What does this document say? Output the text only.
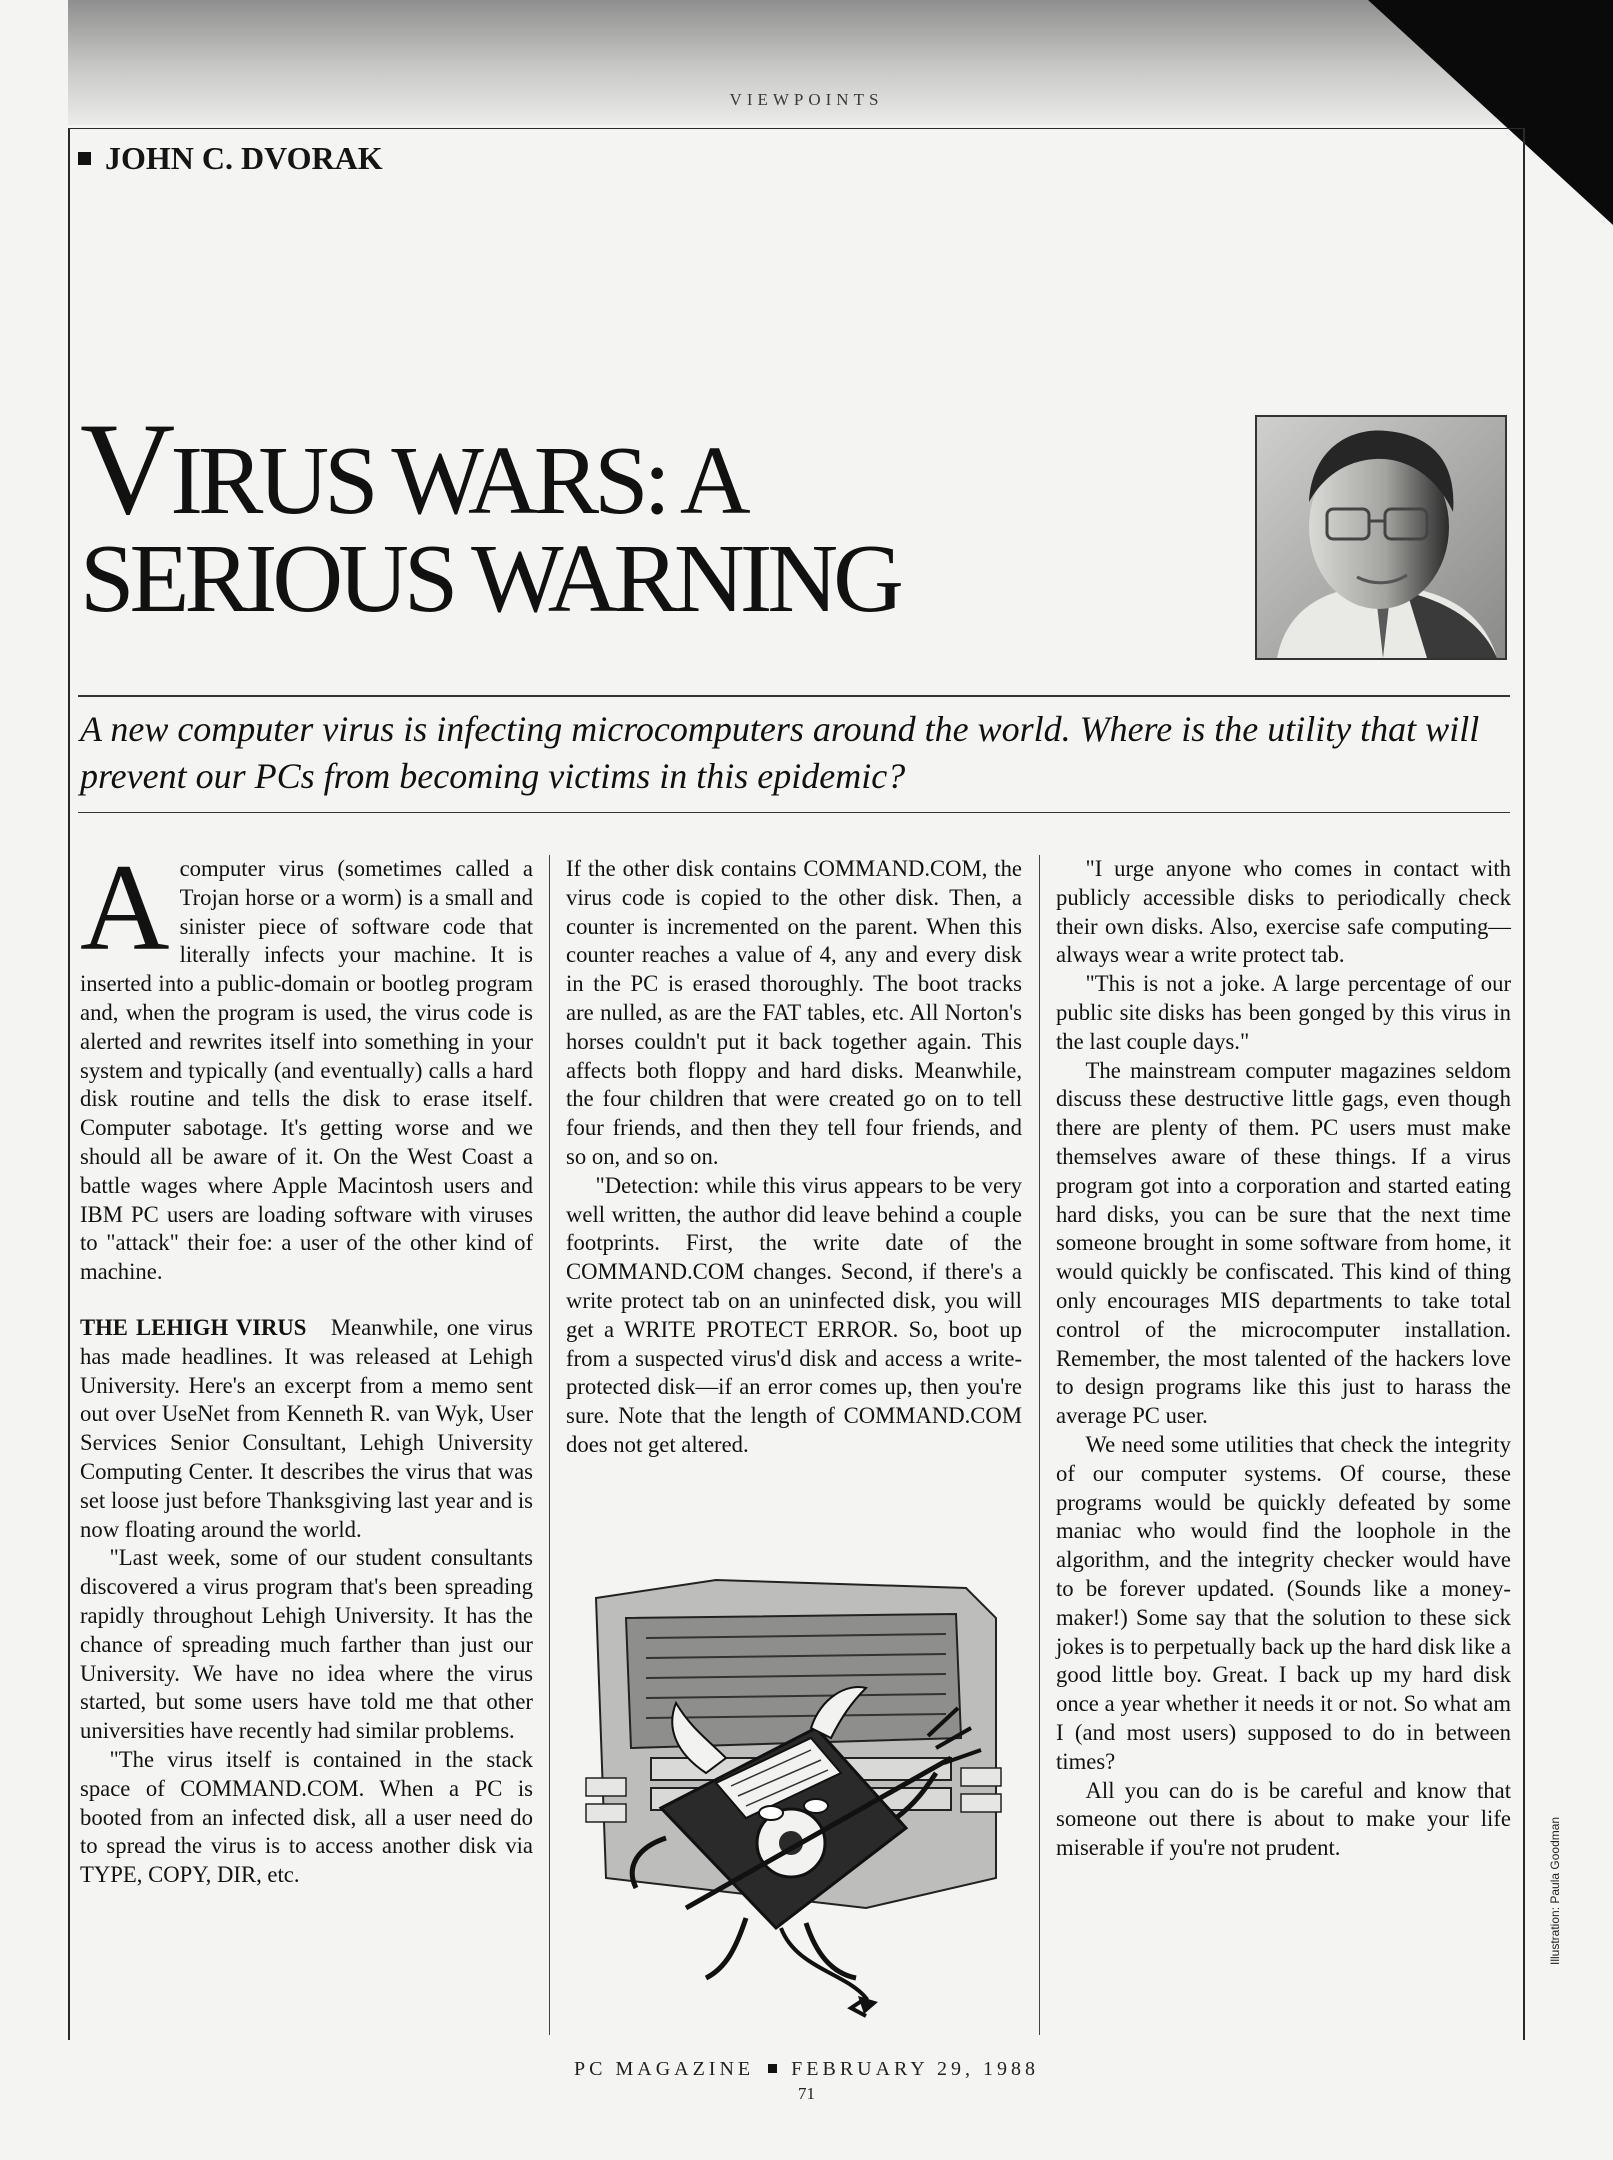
VIEWPOINTS
JOHN C. DVORAK
VIRUS WARS: A
SERIOUS WARNING

A new computer virus is infecting microcomputers around the world. Where is the utility that will prevent our PCs from becoming victims in this epidemic?

Acomputer virus (sometimes called a Trojan horse or a worm) is a small and sinister piece of software code that literally infects your machine. It is inserted into a public-domain or bootleg program and, when the program is used, the virus code is alerted and rewrites itself into something in your system and typically (and eventually) calls a hard disk routine and tells the disk to erase itself. Computer sabotage. It's getting worse and we should all be aware of it. On the West Coast a battle wages where Apple Macintosh users and IBM PC users are loading software with viruses to "attack" their foe: a user of the other kind of machine.

THE LEHIGH VIRUS Meanwhile, one virus has made headlines. It was released at Lehigh University. Here's an excerpt from a memo sent out over UseNet from Kenneth R. van Wyk, User Services Senior Consultant, Lehigh University Computing Center. It describes the virus that was set loose just before Thanksgiving last year and is now floating around the world.

"Last week, some of our student consultants discovered a virus program that's been spreading rapidly throughout Lehigh University. It has the chance of spreading much farther than just our University. We have no idea where the virus started, but some users have told me that other universities have recently had similar problems.

"The virus itself is contained in the stack space of COMMAND.COM. When a PC is booted from an infected disk, all a user need do to spread the virus is to access another disk via TYPE, COPY, DIR, etc.

If the other disk contains COMMAND.COM, the virus code is copied to the other disk. Then, a counter is incremented on the parent. When this counter reaches a value of 4, any and every disk in the PC is erased thoroughly. The boot tracks are nulled, as are the FAT tables, etc. All Norton's horses couldn't put it back together again. This affects both floppy and hard disks. Meanwhile, the four children that were created go on to tell four friends, and then they tell four friends, and so on, and so on.

"Detection: while this virus appears to be very well written, the author did leave behind a couple footprints. First, the write date of the COMMAND.COM changes. Second, if there's a write protect tab on an uninfected disk, you will get a WRITE PROTECT ERROR. So, boot up from a suspected virus'd disk and access a write-protected disk—if an error comes up, then you're sure. Note that the length of COMMAND.COM does not get altered.

"I urge anyone who comes in contact with publicly accessible disks to periodically check their own disks. Also, exercise safe computing—always wear a write protect tab.

"This is not a joke. A large percentage of our public site disks has been gonged by this virus in the last couple days."

The mainstream computer magazines seldom discuss these destructive little gags, even though there are plenty of them. PC users must make themselves aware of these things. If a virus program got into a corporation and started eating hard disks, you can be sure that the next time someone brought in some software from home, it would quickly be confiscated. This kind of thing only encourages MIS departments to take total control of the microcomputer installation. Remember, the most talented of the hackers love to design programs like this just to harass the average PC user.

We need some utilities that check the integrity of our computer systems. Of course, these programs would be quickly defeated by some maniac who would find the loophole in the algorithm, and the integrity checker would have to be forever updated. (Sounds like a money-maker!) Some say that the solution to these sick jokes is to perpetually back up the hard disk like a good little boy. Great. I back up my hard disk once a year whether it needs it or not. So what am I (and most users) supposed to do in between times?

All you can do is be careful and know that someone out there is about to make your life miserable if you're not prudent.	Illustration: Paula Goodman
PC MAGAZINE FEBRUARY 29, 1988
71
